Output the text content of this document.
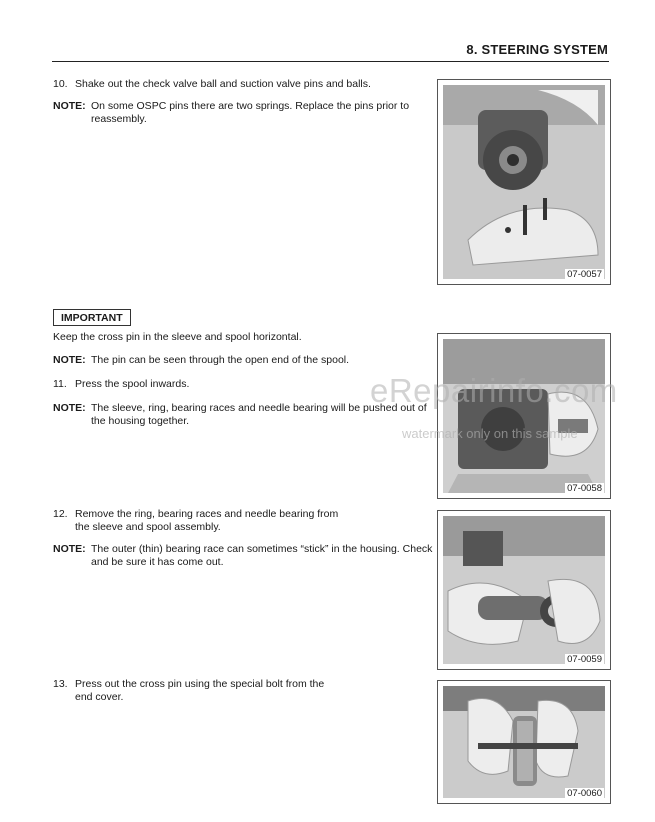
8. STEERING SYSTEM
10. Shake out the check valve ball and suction valve pins and balls.
NOTE: On some OSPC pins there are two springs. Replace the pins prior to reassembly.
07-0057
IMPORTANT
Keep the cross pin in the sleeve and spool horizontal.
NOTE: The pin can be seen through the open end of the spool.
11. Press the spool inwards.
NOTE: The sleeve, ring, bearing races and needle bearing will be pushed out of the housing together.
07-0058
12. Remove the ring, bearing races and needle bearing from
the sleeve and spool assembly.
NOTE: The outer (thin) bearing race can sometimes “stick” in the housing. Check and be sure it has come out.
07-0059
13. Press out the cross pin using the special bolt from the
end cover.
07-0060
eRepairinfo.com
watermark only on this sample
